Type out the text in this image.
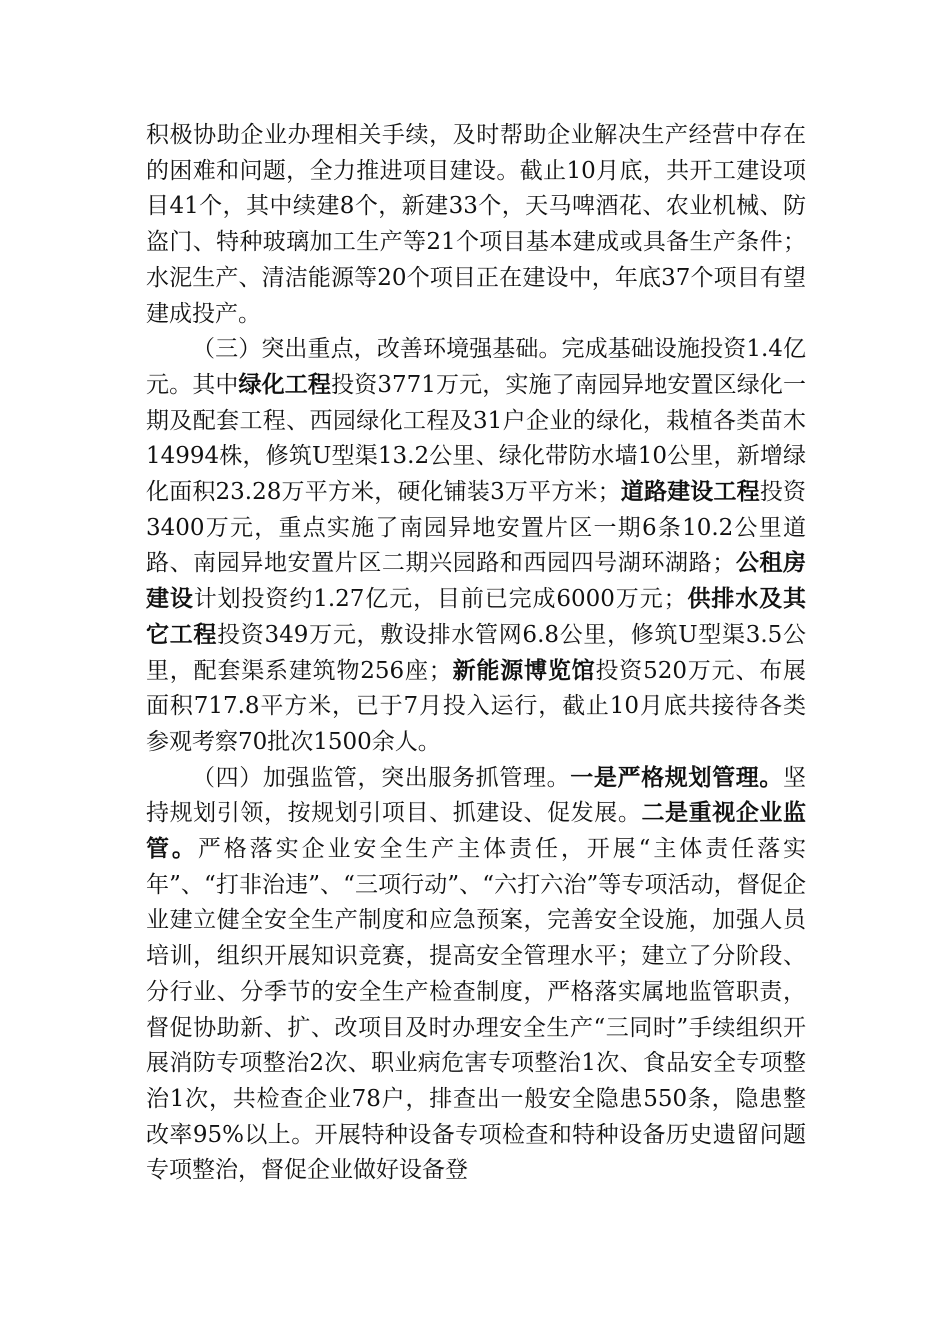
积极协助企业办理相关手续，及时帮助企业解决生产经营中存在的困难和问题，全力推进项目建设。截止10月底，共开工建设项目41个，其中续建8个，新建33个，天马啤酒花、农业机械、防盗门、特种玻璃加工生产等21个项目基本建成或具备生产条件；水泥生产、清洁能源等20个项目正在建设中，年底37个项目有望建成投产。

（三）突出重点，改善环境强基础。完成基础设施投资1.4亿元。其中绿化工程投资3771万元，实施了南园异地安置区绿化一期及配套工程、西园绿化工程及31户企业的绿化，栽植各类苗木14994株，修筑U型渠13.2公里、绿化带防水墙10公里，新增绿化面积23.28万平方米，硬化铺装3万平方米；道路建设工程投资3400万元，重点实施了南园异地安置片区一期6条10.2公里道路、南园异地安置片区二期兴园路和西园四号湖环湖路；公租房建设计划投资约1.27亿元，目前已完成6000万元；供排水及其它工程投资349万元，敷设排水管网6.8公里，修筑U型渠3.5公里，配套渠系建筑物256座；新能源博览馆投资520万元、布展面积717.8平方米，已于7月投入运行，截止10月底共接待各类参观考察70批次1500余人。

（四）加强监管，突出服务抓管理。一是严格规划管理。坚持规划引领，按规划引项目、抓建设、促发展。二是重视企业监管。严格落实企业安全生产主体责任，开展“主体责任落实年”、“打非治违”、“三项行动”、“六打六治”等专项活动，督促企业建立健全安全生产制度和应急预案，完善安全设施，加强人员培训，组织开展知识竞赛，提高安全管理水平；建立了分阶段、分行业、分季节的安全生产检查制度，严格落实属地监管职责，督促协助新、扩、改项目及时办理安全生产“三同时”手续组织开展消防专项整治2次、职业病危害专项整治1次、食品安全专项整治1次，共检查企业78户，排查出一般安全隐患550条，隐患整改率95%以上。开展特种设备专项检查和特种设备历史遗留问题专项整治，督促企业做好设备登
